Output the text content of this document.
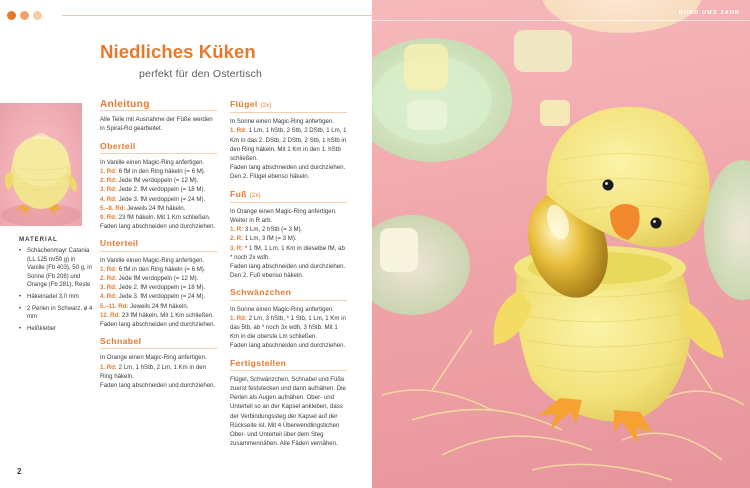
Niedliches Küken
perfekt für den Ostertisch
MATERIAL
• Schachenmayr Catania (LL 125 m/50 g) in Vanille (Fb 403), 50 g, in Sonne (Fb 208) und Orange (Fb 281), Reste
• Häkelnadel 3,0 mm
• 2 Perlen in Schwarz, ø 4 mm
• Heißkleber
Anleitung

Alle Teile mit Ausnahme der Füße werden in Spiral-Rd gearbeitet.

Oberteil

In Vanille einen Magic-Ring anfertigen.

1. Rd: 6 fM in den Ring häkeln (= 6 M).

2. Rd: Jede fM verdoppeln (= 12 M).

3. Rd: Jede 2. fM verdoppeln (= 18 M).

4. Rd: Jede 3. fM verdoppeln (= 24 M).

5.–8. Rd: Jeweils 24 fM häkeln.

9. Rd: 23 fM häkeln. Mit 1 Km schließen.

Faden lang abschneiden und durchziehen.

Unterteil

In Vanille einen Magic-Ring anfertigen.

1. Rd: 6 fM in den Ring häkeln (= 6 M).

2. Rd: Jede fM verdoppeln (= 12 M).

3. Rd: Jede 2. fM verdoppeln (= 18 M).

4. Rd: Jede 3. fM verdoppeln (= 24 M).

5.–11. Rd: Jeweils 24 fM häkeln.

12. Rd: 23 fM häkeln. Mit 1 Km schließen.

Faden lang abschneiden und durchziehen.

Schnabel

In Orange einen Magic-Ring anfertigen.

1. Rd: 2 Lm, 1 hStb, 2 Lm, 1 Km in den Ring häkeln.

Faden lang abschneiden und durchziehen.

Flügel (2x)

In Sonne einen Magic-Ring anfertigen.

1. Rd: 1 Lm, 1 hStb, 2 Stb, 2 DStb, 1 Lm, 1 Km in das 2. DStb, 2 DStb, 2 Stb, 1 hStb in den Ring häkeln. Mit 1 Km in den 1. hStb schließen.

Faden lang abschneiden und durchziehen. Den 2. Flügel ebenso häkeln.

Fuß (2x)

In Orange einen Magic-Ring anfertigen. Weiter in R arb.

1. R: 3 Lm, 2 hStb (= 3 M).

2. R: 1 Lm, 3 fM (= 3 M).

3. R: * 1 fM, 1 Lm, 1 Km in dieselbe fM, ab * noch 2x wdh.

Faden lang abschneiden und durchziehen. Den 2. Fuß ebenso häkeln.

Schwänzchen

In Sonne einen Magic-Ring anfertigen.

1. Rd: 2 Lm, 3 hStb, * 1 Stb, 1 Lm, 1 Km in das 5tb, ab * noch 3x wdh, 3 hStb. Mit 1 Km in die oberste Lm schließen.

Faden lang abschneiden und durchziehen.

Fertigstellen

Flügel, Schwänzchen, Schnabel und Füße zuerst feststecken und dann aufnähen. Die Perlen als Augen aufnähen. Ober- und Unterteil so an der Kapsel ankleben, dass der Verbindungssteg der Kapsel auf der Rückseite ist. Mit 4 Überwendlingstichen Ober- und Unterteil über dem Steg zusammennähen. Alle Fäden vernähen.

2
RUND UMS JAHR
